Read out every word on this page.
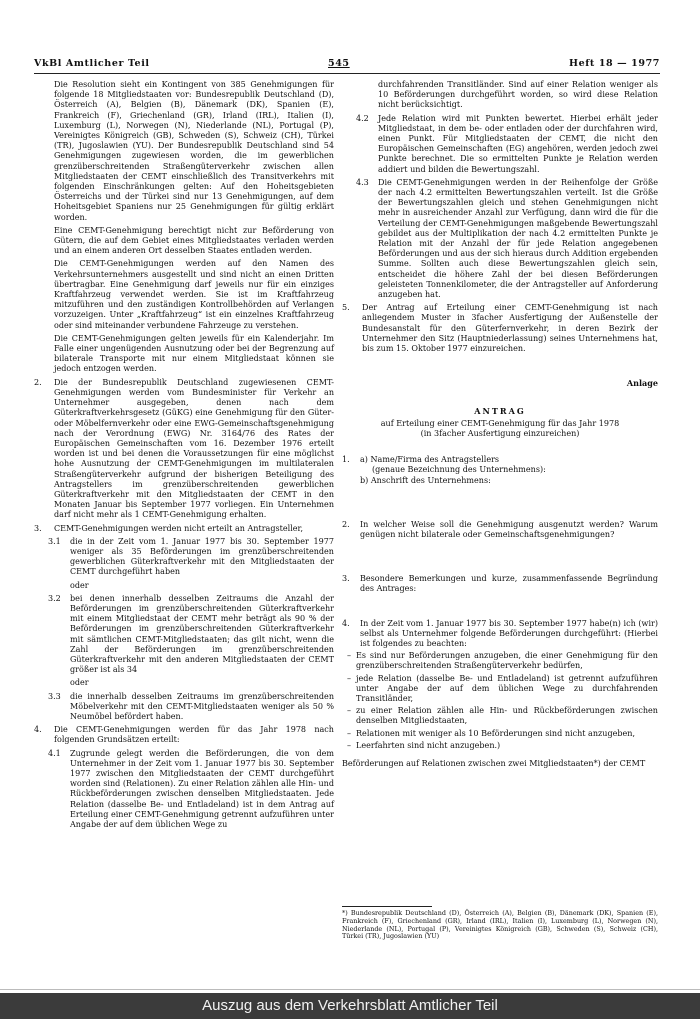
VkBl Amtlicher Teil	545	Heft 18 — 1977

Die Resolution sieht ein Kontingent von 385 Genehmigungen für folgende 18 Mitgliedstaaten vor: Bundesrepublik Deutschland (D), Österreich (A), Belgien (B), Dänemark (DK), Spanien (E), Frankreich (F), Griechenland (GR), Irland (IRL), Italien (I), Luxemburg (L), Norwegen (N), Niederlande (NL), Portugal (P), Vereinigtes Königreich (GB), Schweden (S), Schweiz (CH), Türkei (TR), Jugoslawien (YU). Der Bundesrepublik Deutschland sind 54 Genehmigungen zugewiesen worden, die im gewerblichen grenzüberschreitenden Straßengüterverkehr zwischen allen Mitgliedstaaten der CEMT einschließlich des Transitverkehrs mit folgenden Einschränkungen gelten: Auf den Hoheitsgebieten Österreichs und der Türkei sind nur 13 Genehmigungen, auf dem Hoheitsgebiet Spaniens nur 25 Genehmigungen für gültig erklärt worden.

Eine CEMT-Genehmigung berechtigt nicht zur Beförderung von Gütern, die auf dem Gebiet eines Mitgliedstaates verladen werden und an einem anderen Ort desselben Staates entladen werden.

Die CEMT-Genehmigungen werden auf den Namen des Verkehrsunternehmers ausgestellt und sind nicht an einen Dritten übertragbar. Eine Genehmigung darf jeweils nur für ein einziges Kraftfahrzeug verwendet werden. Sie ist im Kraftfahrzeug mitzuführen und den zuständigen Kontrollbehörden auf Verlangen vorzuzeigen. Unter „Kraftfahrzeug“ ist ein einzelnes Kraftfahrzeug oder sind miteinander verbundene Fahrzeuge zu verstehen.

Die CEMT-Genehmigungen gelten jeweils für ein Kalenderjahr. Im Falle einer ungenügenden Ausnutzung oder bei der Begrenzung auf bilaterale Transporte mit nur einem Mitgliedstaat können sie jedoch entzogen werden.

2.	Die der Bundesrepublik Deutschland zugewiesenen CEMT-Genehmigungen werden vom Bundesminister für Verkehr an Unternehmer ausgegeben, denen nach dem Güterkraftverkehrsgesetz (GüKG) eine Genehmigung für den Güter- oder Möbelfernverkehr oder eine EWG-Gemeinschaftsgenehmigung nach der Verordnung (EWG) Nr. 3164/76 des Rates der Europäischen Gemeinschaften vom 16. Dezember 1976 erteilt worden ist und bei denen die Voraussetzungen für eine möglichst hohe Ausnutzung der CEMT-Genehmigungen im multilateralen Straßengüterverkehr aufgrund der bisherigen Beteiligung des Antragstellers im grenzüberschreitenden gewerblichen Güterkraftverkehr mit den Mitgliedstaaten der CEMT in den Monaten Januar bis September 1977 vorliegen. Ein Unternehmen darf nicht mehr als 1 CEMT-Genehmigung erhalten.
3.	CEMT-Genehmigungen werden nicht erteilt an Antragsteller,
3.1	die in der Zeit vom 1. Januar 1977 bis 30. September 1977 weniger als 35 Beförderungen im grenzüberschreitenden gewerblichen Güterkraftverkehr mit den Mitgliedstaaten der CEMT durchgeführt haben

oder

3.2	bei denen innerhalb desselben Zeitraums die Anzahl der Beförderungen im grenzüberschreitenden Güterkraftverkehr mit einem Mitgliedstaat der CEMT mehr beträgt als 90 % der Beförderungen im grenzüberschreitenden Güterkraftverkehr mit sämtlichen CEMT-Mitgliedstaaten; das gilt nicht, wenn die Zahl der Beförderungen im grenzüberschreitenden Güterkraftverkehr mit den anderen Mitgliedstaaten der CEMT größer ist als 34

oder

3.3	die innerhalb desselben Zeitraums im grenzüberschreitenden Möbelverkehr mit den CEMT-Mitgliedstaaten weniger als 50 % Neumöbel befördert haben.
4.	Die CEMT-Genehmigungen werden für das Jahr 1978 nach folgenden Grundsätzen erteilt:
4.1	Zugrunde gelegt werden die Beförderungen, die von dem Unternehmer in der Zeit vom 1. Januar 1977 bis 30. September 1977 zwischen den Mitgliedstaaten der CEMT durchgeführt worden sind (Relationen). Zu einer Relation zählen alle Hin- und Rückbeförderungen zwischen denselben Mitgliedstaaten. Jede Relation (dasselbe Be- und Entladeland) ist in dem Antrag auf Erteilung einer CEMT-Genehmigung getrennt aufzuführen unter Angabe der auf dem üblichen Wege zu

durchfahrenden Transitländer. Sind auf einer Relation weniger als 10 Beförderungen durchgeführt worden, so wird diese Relation nicht berücksichtigt.

4.2	Jede Relation wird mit Punkten bewertet. Hierbei erhält jeder Mitgliedstaat, in dem be- oder entladen oder der durchfahren wird, einen Punkt. Für Mitgliedstaaten der CEMT, die nicht den Europäischen Gemeinschaften (EG) angehören, werden jedoch zwei Punkte berechnet. Die so ermittelten Punkte je Relation werden addiert und bilden die Bewertungszahl.
4.3	Die CEMT-Genehmigungen werden in der Reihenfolge der Größe der nach 4.2 ermittelten Bewertungszahlen verteilt. Ist die Größe der Bewertungszahlen gleich und stehen Genehmigungen nicht mehr in ausreichender Anzahl zur Verfügung, dann wird die für die Verteilung der CEMT-Genehmigungen maßgebende Bewertungszahl gebildet aus der Multiplikation der nach 4.2 ermittelten Punkte je Relation mit der Anzahl der für jede Relation angegebenen Beförderungen und aus der sich hieraus durch Addition ergebenden Summe. Sollten auch diese Bewertungszahlen gleich sein, entscheidet die höhere Zahl der bei diesen Beförderungen geleisteten Tonnenkilometer, die der Antragsteller auf Anforderung anzugeben hat.
5.	Der Antrag auf Erteilung einer CEMT-Genehmigung ist nach anliegendem Muster in 3facher Ausfertigung der Außenstelle der Bundesanstalt für den Güterfernverkehr, in deren Bezirk der Unternehmer den Sitz (Hauptniederlassung) seines Unternehmens hat, bis zum 15. Oktober 1977 einzureichen.
Anlage
ANTRAG
auf Erteilung einer CEMT-Genehmigung für das Jahr 1978
(in 3facher Ausfertigung einzureichen)
1.	a) Name/Firma des Antragstellers
(genaue Bezeichnung des Unternehmens):
b) Anschrift des Unternehmens:
2.	In welcher Weise soll die Genehmigung ausgenutzt werden? Warum genügen nicht bilaterale oder Gemeinschaftsgenehmigungen?
3.	Besondere Bemerkungen und kurze, zusammenfassende Begründung des Antrages:
4.	In der Zeit vom 1. Januar 1977 bis 30. September 1977 habe(n) ich (wir) selbst als Unternehmer folgende Beförderungen durchgeführt: (Hierbei ist folgendes zu beachten:
– Es sind nur Beförderungen anzugeben, die einer Genehmigung für den grenzüberschreitenden Straßengüterverkehr bedürfen,
– jede Relation (dasselbe Be- und Entladeland) ist getrennt aufzuführen unter Angabe der auf dem üblichen Wege zu durchfahrenden Transitländer,
– zu einer Relation zählen alle Hin- und Rückbeförderungen zwischen denselben Mitgliedstaaten,
– Relationen mit weniger als 10 Beförderungen sind nicht anzugeben,
– Leerfahrten sind nicht anzugeben.)

Beförderungen auf Relationen zwischen zwei Mitgliedstaaten*) der CEMT

*) Bundesrepublik Deutschland (D), Österreich (A), Belgien (B), Dänemark (DK), Spanien (E), Frankreich (F), Griechenland (GR), Irland (IRL), Italien (I), Luxemburg (L), Norwegen (N), Niederlande (NL), Portugal (P), Vereinigtes Königreich (GB), Schweden (S), Schweiz (CH), Türkei (TR), Jugoslawien (YU)
Auszug aus dem Verkehrsblatt Amtlicher Teil
